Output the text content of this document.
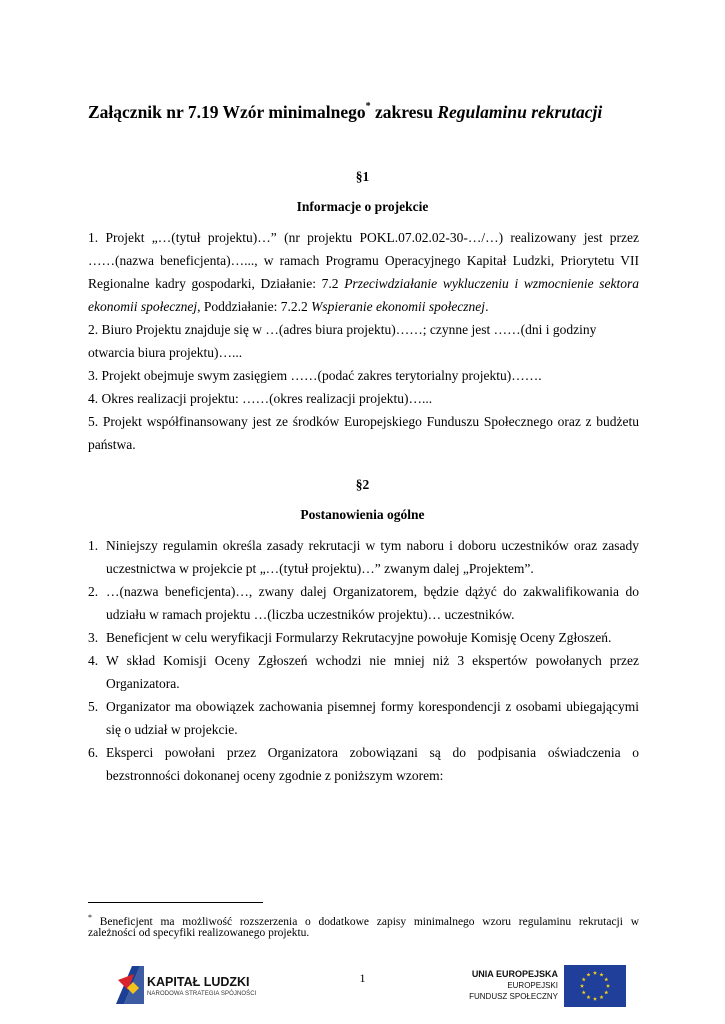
Załącznik nr 7.19 Wzór minimalnego* zakresu Regulaminu rekrutacji
§1
Informacje o projekcie
1. Projekt „…(tytuł projektu)…” (nr projektu POKL.07.02.02-30-…/…) realizowany jest przez
……(nazwa beneficjenta)…..., w ramach Programu Operacyjnego Kapitał Ludzki, Priorytetu VII
Regionalne kadry gospodarki, Działanie: 7.2 Przeciwdziałanie wykluczeniu i wzmocnienie sektora
ekonomii społecznej, Poddziałanie: 7.2.2 Wspieranie ekonomii społecznej.
2. Biuro Projektu znajduje się w …(adres biura projektu)……; czynne jest ……(dni i godziny
otwarcia biura projektu)…...
3. Projekt obejmuje swym zasięgiem ……(podać zakres terytorialny projektu)…….
4. Okres realizacji projektu: ……(okres realizacji projektu)…...
5. Projekt współfinansowany jest ze środków Europejskiego Funduszu Społecznego oraz z budżetu
państwa.
§2
Postanowienia ogólne
1. Niniejszy regulamin określa zasady rekrutacji w tym naboru i doboru uczestników oraz zasady
uczestnictwa w projekcie pt „…(tytuł projektu)…” zwanym dalej „Projektem”.
2. …(nazwa beneficjenta)…, zwany dalej Organizatorem, będzie dążyć do zakwalifikowania do
udziału w ramach projektu …(liczba uczestników projektu)… uczestników.
3. Beneficjent w celu weryfikacji Formularzy Rekrutacyjne powołuje Komisję Oceny Zgłoszeń.
4. W skład Komisji Oceny Zgłoszeń wchodzi nie mniej niż 3 ekspertów powołanych przez
Organizatora.
5. Organizator ma obowiązek zachowania pisemnej formy korespondencji z osobami ubiegającymi
się o udział w projekcie.
6. Eksperci powołani przez Organizatora zobowiązani są do podpisania oświadczenia o
bezstronności dokonanej oceny zgodnie z poniższym wzorem:
* Beneficjent ma możliwość rozszerzenia o dodatkowe zapisy minimalnego wzoru regulaminu rekrutacji w
zależności od specyfiki realizowanego projektu.
1
KAPITAŁ LUDZKI
NARODOWA STRATEGIA SPÓJNOŚCI
UNIA EUROPEJSKA
EUROPEJSKI
FUNDUSZ SPOŁECZNY
